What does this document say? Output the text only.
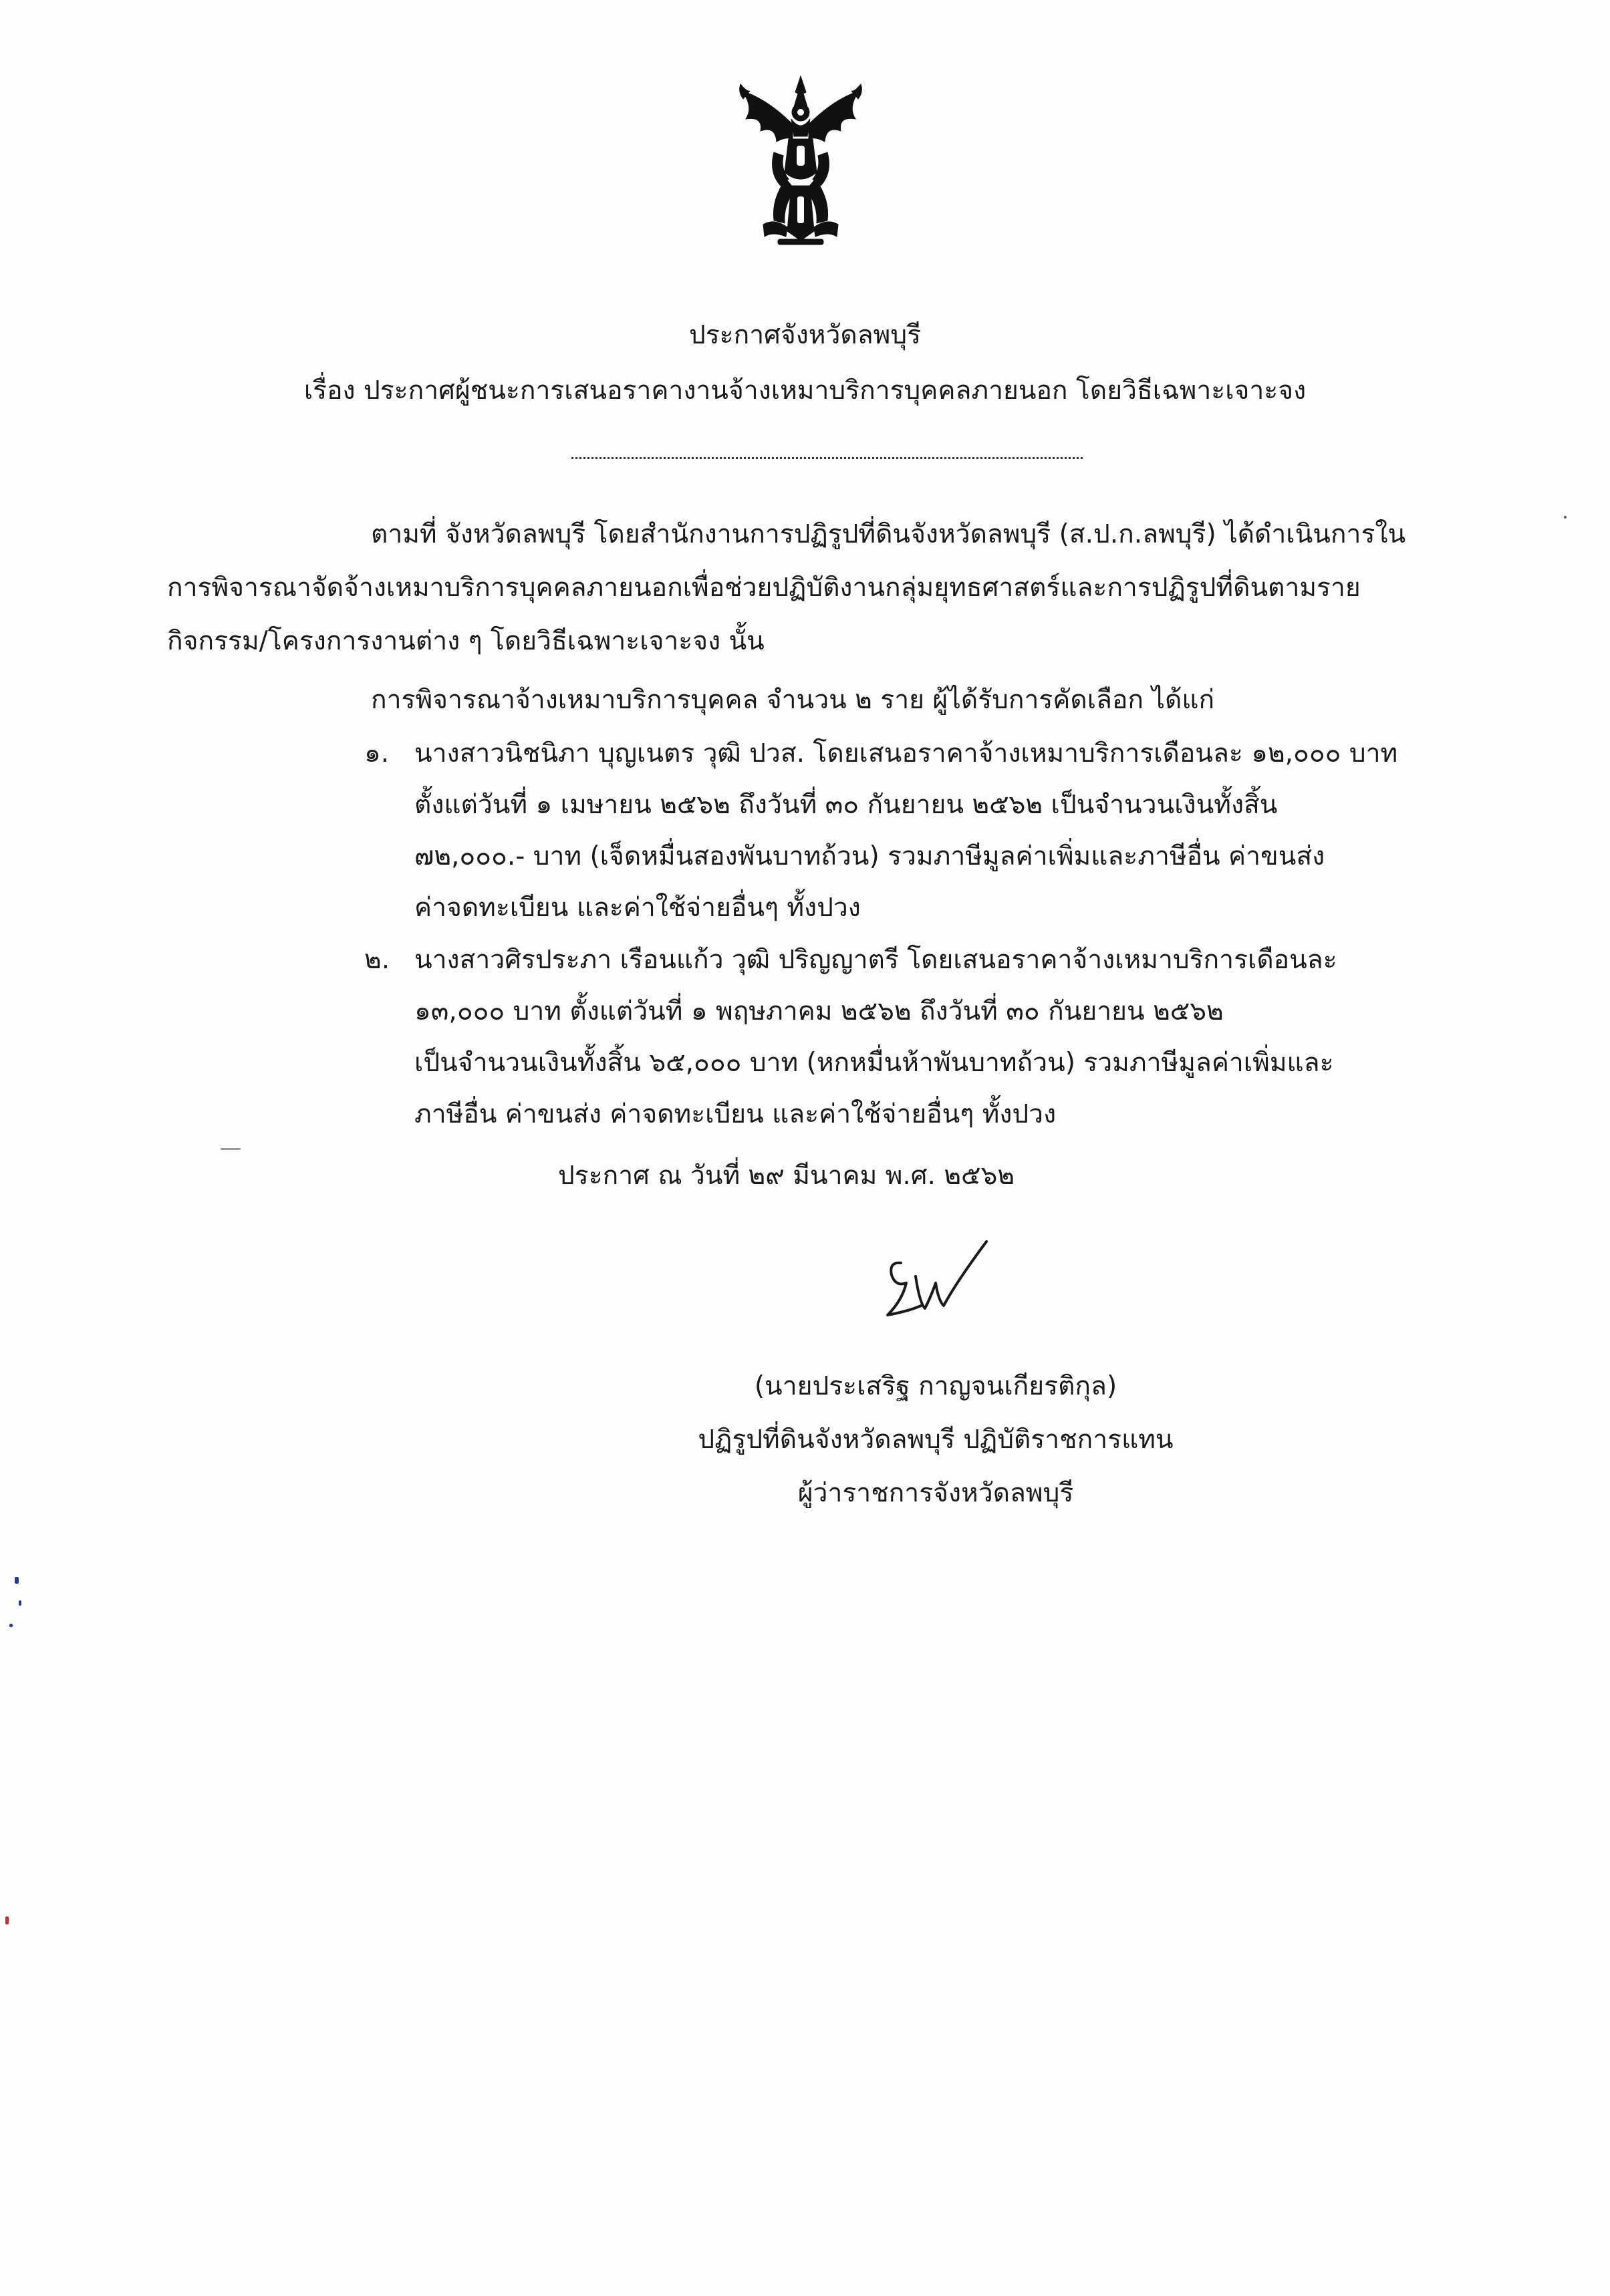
ประกาศจังหวัดลพบุรี
เรื่อง ประกาศผู้ชนะการเสนอราคางานจ้างเหมาบริการบุคคลภายนอก โดยวิธีเฉพาะเจาะจง
ตามที่ จังหวัดลพบุรี โดยสำนักงานการปฏิรูปที่ดินจังหวัดลพบุรี (ส.ป.ก.ลพบุรี) ได้ดำเนินการใน
การพิจารณาจัดจ้างเหมาบริการบุคคลภายนอกเพื่อช่วยปฏิบัติงานกลุ่มยุทธศาสตร์และการปฏิรูปที่ดินตามราย
กิจกรรม/โครงการงานต่าง ๆ โดยวิธีเฉพาะเจาะจง นั้น
การพิจารณาจ้างเหมาบริการบุคคล จำนวน ๒ ราย ผู้ได้รับการคัดเลือก ได้แก่
๑. นางสาวนิชนิภา บุญเนตร วุฒิ ปวส. โดยเสนอราคาจ้างเหมาบริการเดือนละ ๑๒,๐๐๐ บาท
ตั้งแต่วันที่ ๑ เมษายน ๒๕๖๒ ถึงวันที่ ๓๐ กันยายน ๒๕๖๒ เป็นจำนวนเงินทั้งสิ้น
๗๒,๐๐๐.- บาท (เจ็ดหมื่นสองพันบาทถ้วน) รวมภาษีมูลค่าเพิ่มและภาษีอื่น ค่าขนส่ง
ค่าจดทะเบียน และค่าใช้จ่ายอื่นๆ ทั้งปวง
๒. นางสาวศิรประภา เรือนแก้ว วุฒิ ปริญญาตรี โดยเสนอราคาจ้างเหมาบริการเดือนละ
๑๓,๐๐๐ บาท ตั้งแต่วันที่ ๑ พฤษภาคม ๒๕๖๒ ถึงวันที่ ๓๐ กันยายน ๒๕๖๒
เป็นจำนวนเงินทั้งสิ้น ๖๕,๐๐๐ บาท (หกหมื่นห้าพันบาทถ้วน) รวมภาษีมูลค่าเพิ่มและ
ภาษีอื่น ค่าขนส่ง ค่าจดทะเบียน และค่าใช้จ่ายอื่นๆ ทั้งปวง
ประกาศ ณ วันที่ ๒๙ มีนาคม พ.ศ. ๒๕๖๒
(นายประเสริฐ กาญจนเกียรติกุล)
ปฏิรูปที่ดินจังหวัดลพบุรี ปฏิบัติราชการแทน
ผู้ว่าราชการจังหวัดลพบุรี
